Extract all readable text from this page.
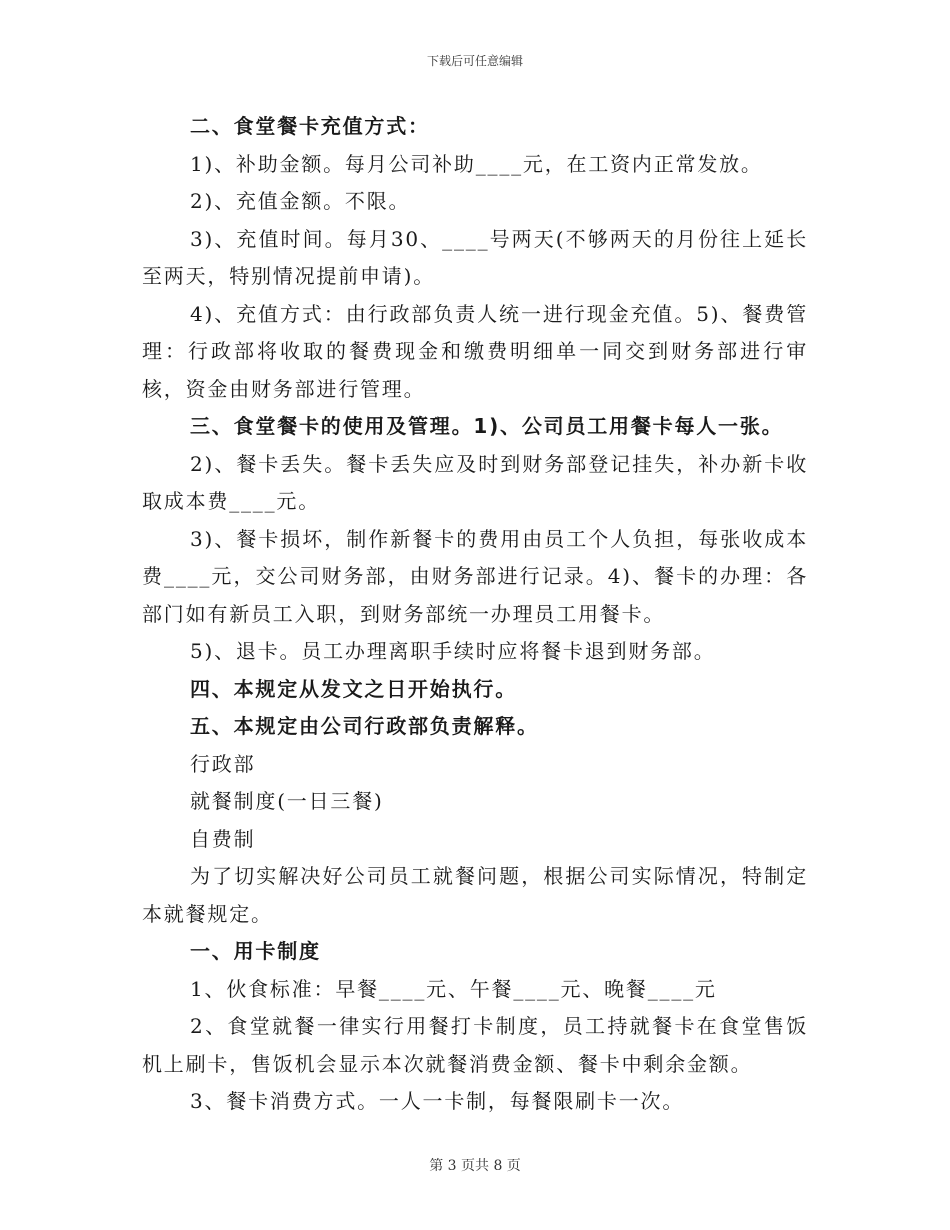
下载后可任意编辑

二、食堂餐卡充值方式：

1)、补助金额。每月公司补助____元，在工资内正常发放。

2)、充值金额。不限。

3)、充值时间。每月30、____号两天(不够两天的月份往上延长至两天，特别情况提前申请)。

4)、充值方式：由行政部负责人统一进行现金充值。5)、餐费管理：行政部将收取的餐费现金和缴费明细单一同交到财务部进行审核，资金由财务部进行管理。

三、食堂餐卡的使用及管理。1)、公司员工用餐卡每人一张。

2)、餐卡丢失。餐卡丢失应及时到财务部登记挂失，补办新卡收取成本费____元。

3)、餐卡损坏，制作新餐卡的费用由员工个人负担，每张收成本费____元，交公司财务部，由财务部进行记录。4)、餐卡的办理：各部门如有新员工入职，到财务部统一办理员工用餐卡。

5)、退卡。员工办理离职手续时应将餐卡退到财务部。

四、本规定从发文之日开始执行。

五、本规定由公司行政部负责解释。

行政部

就餐制度(一日三餐)

自费制

为了切实解决好公司员工就餐问题，根据公司实际情况，特制定本就餐规定。

一、用卡制度

1、伙食标准：早餐____元、午餐____元、晚餐____元

2、食堂就餐一律实行用餐打卡制度，员工持就餐卡在食堂售饭机上刷卡，售饭机会显示本次就餐消费金额、餐卡中剩余金额。

3、餐卡消费方式。一人一卡制，每餐限刷卡一次。

第 3 页共 8 页
